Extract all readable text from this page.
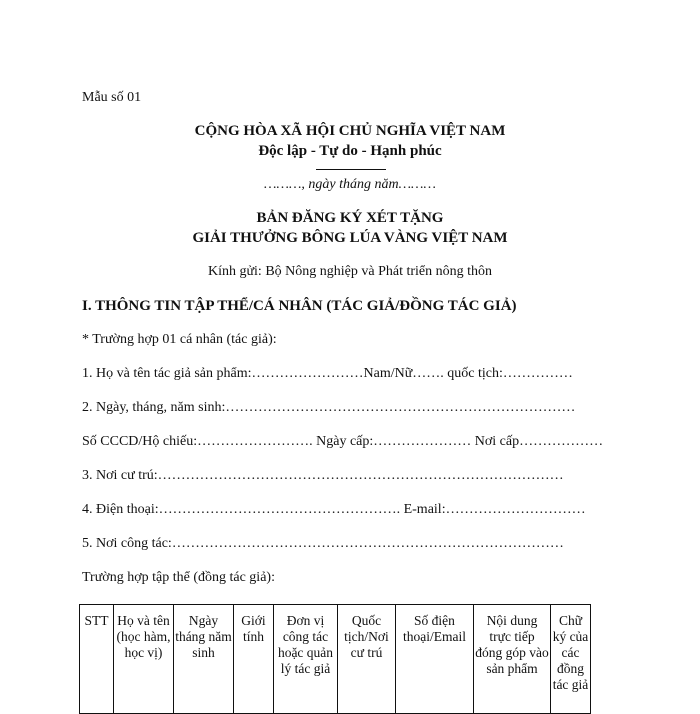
Mẫu số 01
CỘNG HÒA XÃ HỘI CHỦ NGHĨA VIỆT NAM
Độc lập - Tự do - Hạnh phúc
………, ngày tháng năm………
BẢN ĐĂNG KÝ XÉT TẶNG
GIẢI THƯỞNG BÔNG LÚA VÀNG VIỆT NAM
Kính gửi: Bộ Nông nghiệp và Phát triển nông thôn
I. THÔNG TIN TẬP THỂ/CÁ NHÂN (TÁC GIẢ/ĐỒNG TÁC GIẢ)
* Trường hợp 01 cá nhân (tác giả):
1. Họ và tên tác giả sản phẩm:……………………Nam/Nữ……. quốc tịch:……………
2. Ngày, tháng, năm sinh:…………………………………………………………………
Số CCCD/Hộ chiếu:……………………. Ngày cấp:………………… Nơi cấp………………
3. Nơi cư trú:……………………………………………………………………………
4. Điện thoại:……………………………………………. E-mail:…………………………
5. Nơi công tác:…………………………………………………………………………
Trường hợp tập thể (đồng tác giả):
STT	Họ và tên (học hàm, học vị)	Ngày tháng năm sinh	Giới tính	Đơn vị công tác hoặc quản lý tác giả	Quốc tịch/Nơi cư trú	Số điện thoại/Email	Nội dung trực tiếp đóng góp vào sản phẩm	Chữ ký của các đồng tác giả
